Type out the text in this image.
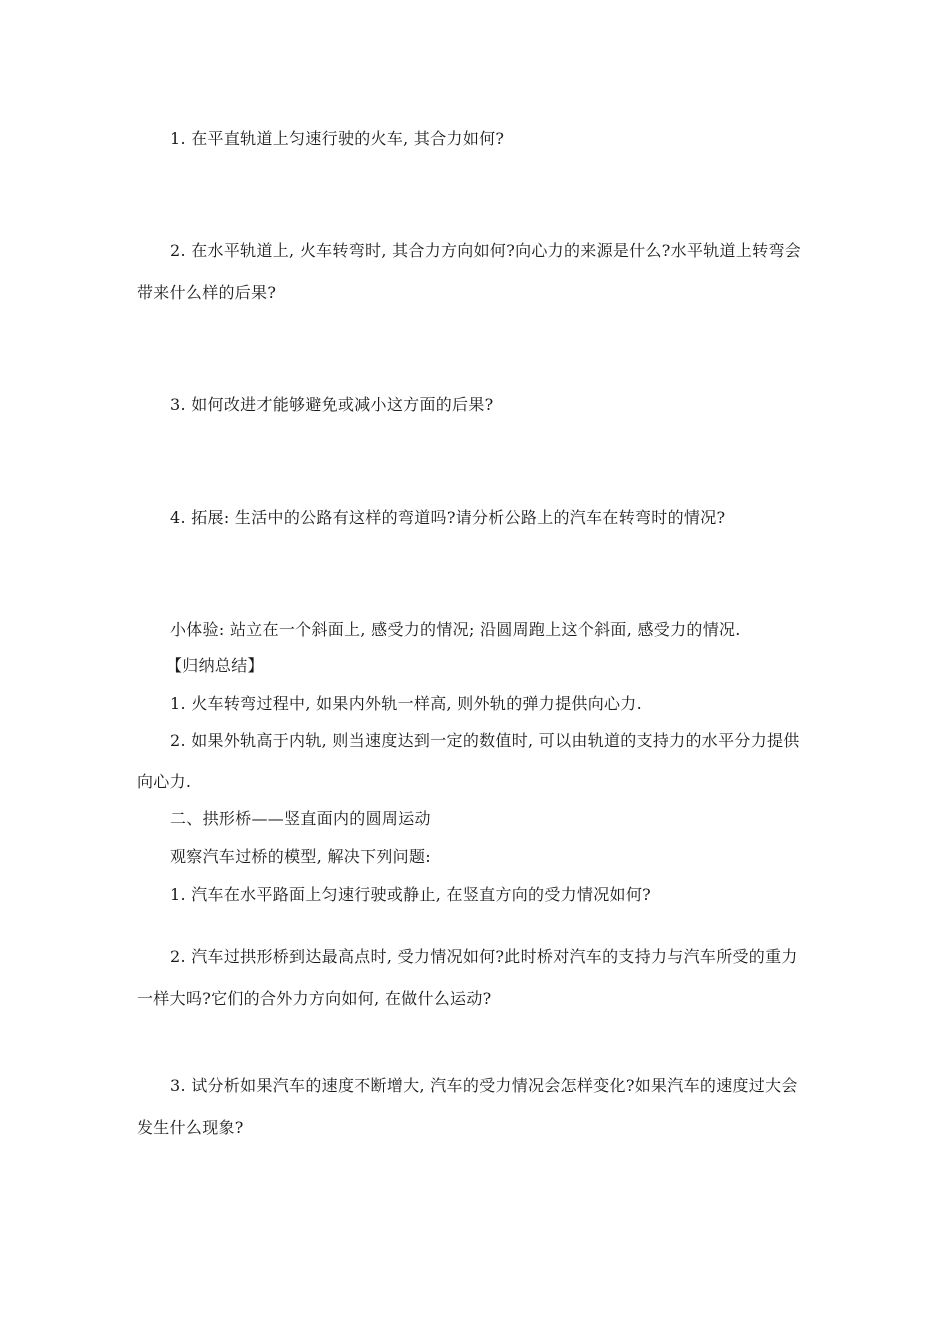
1. 在平直轨道上匀速行驶的火车, 其合力如何?
2. 在水平轨道上, 火车转弯时, 其合力方向如何?向心力的来源是什么?水平轨道上转弯会
带来什么样的后果?
3. 如何改进才能够避免或减小这方面的后果?
4. 拓展: 生活中的公路有这样的弯道吗?请分析公路上的汽车在转弯时的情况?
小体验: 站立在一个斜面上, 感受力的情况; 沿圆周跑上这个斜面, 感受力的情况.
【归纳总结】
1. 火车转弯过程中, 如果内外轨一样高, 则外轨的弹力提供向心力.
2. 如果外轨高于内轨, 则当速度达到一定的数值时, 可以由轨道的支持力的水平分力提供
向心力.
二、拱形桥——竖直面内的圆周运动
观察汽车过桥的模型, 解决下列问题:
1. 汽车在水平路面上匀速行驶或静止, 在竖直方向的受力情况如何?
2. 汽车过拱形桥到达最高点时, 受力情况如何?此时桥对汽车的支持力与汽车所受的重力
一样大吗?它们的合外力方向如何, 在做什么运动?
3. 试分析如果汽车的速度不断增大, 汽车的受力情况会怎样变化?如果汽车的速度过大会
发生什么现象?
